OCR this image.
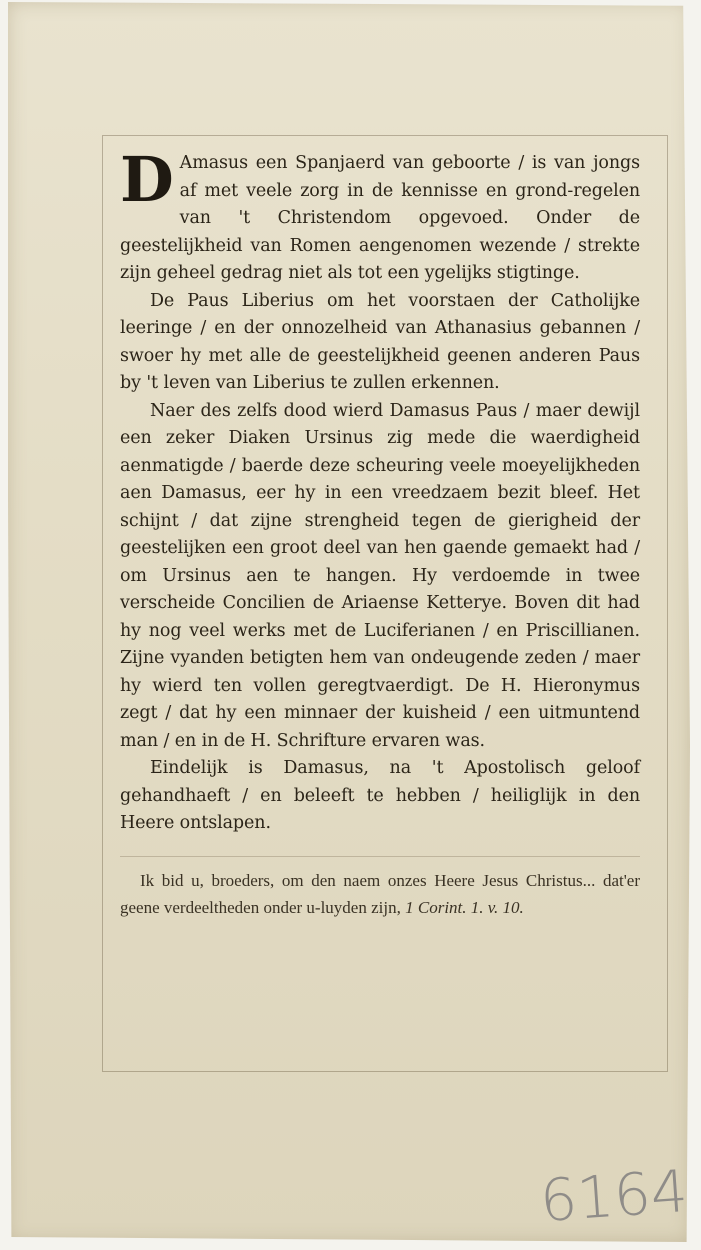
D Amasus een Spanjaerd van geboorte / is van jongs af met veele zorg in de kennisse en grond-regelen van 't Christendom opgevoed. Onder de geestelijkheid van Romen aengenomen wezende / strekte zijn geheel gedrag niet als tot een ygelijks stigtinge.

De Paus Liberius om het voorstaen der Catholijke leeringe / en der onnozelheid van Athanasius gebannen / swoer hy met alle de geestelijkheid geenen anderen Paus by 't leven van Liberius te zullen erkennen.

Naer des zelfs dood wierd Damasus Paus / maer dewijl een zeker Diaken Ursinus zig mede die waerdigheid aenmatigde / baerde deze scheuring veele moeyelijkheden aen Damasus, eer hy in een vreedzaem bezit bleef. Het schijnt / dat zijne strengheid tegen de gierigheid der geestelijken een groot deel van hen gaende gemaekt had / om Ursinus aen te hangen. Hy verdoemde in twee verscheide Concilien de Ariaense Ketterye. Boven dit had hy nog veel werks met de Luciferianen / en Priscillianen. Zijne vyanden betigten hem van ondeugende zeden / maer hy wierd ten vollen geregtvaerdigt. De H. Hieronymus zegt / dat hy een minnaer der kuisheid / een uitmuntend man / en in de H. Schrifture ervaren was.

Eindelijk is Damasus, na 't Apostolisch geloof gehandhaeft / en beleeft te hebben / heiliglijk in den Heere ontslapen.

Ik bid u, broeders, om den naem onzes Heere Jesus Christus... dat'er geene verdeeltheden onder u-luyden zijn, 1 Corint. 1. v. 10.

6164
